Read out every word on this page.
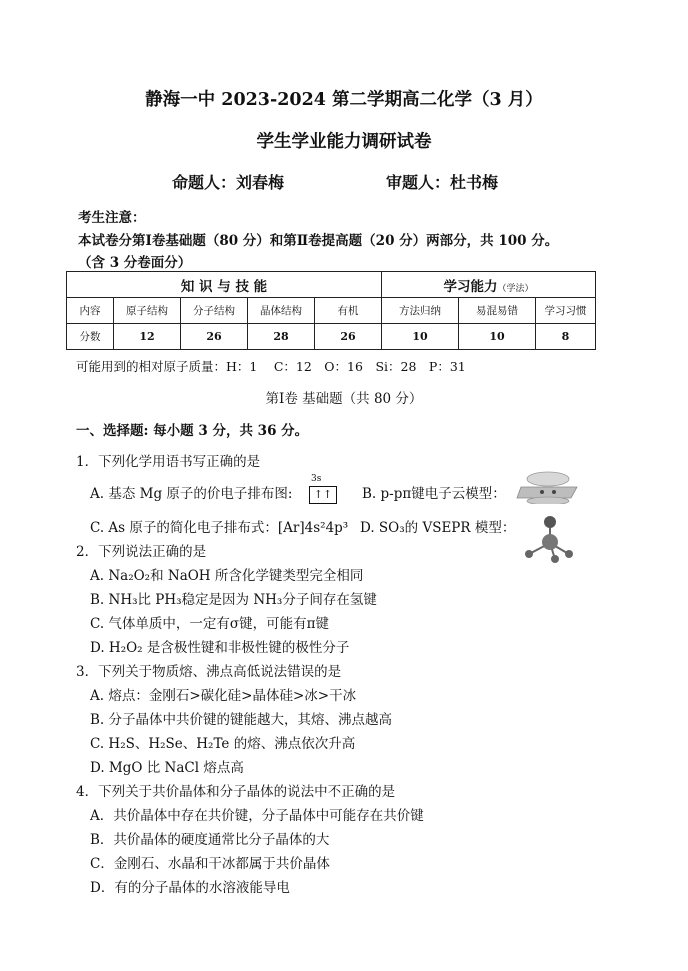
静海一中 2023-2024 第二学期高二化学（3 月）
学生学业能力调研试卷
命题人：刘春梅	审题人：杜书梅
考生注意：
本试卷分第Ⅰ卷基础题（80 分）和第Ⅱ卷提高题（20 分）两部分，共 100 分。
（含 3 分卷面分）
知 识 与 技 能					学习能力（学法）		
内容	原子结构	分子结构	晶体结构	有机	方法归纳	易混易错	学习习惯
分数	12	26	28	26	10	10	8
可能用到的相对原子质量：H：1　 C：12　O：16　Si：28　P：31
第Ⅰ卷 基础题（共 80 分）
一、选择题: 每小题 3 分，共 36 分。
1．下列化学用语书写正确的是
A. 基态 Mg 原子的价电子排布图:
3s
↑↑	B. p-pπ键电子云模型：
C. As 原子的简化电子排布式：[Ar]4s²4p³ D. SO₃的 VSEPR 模型：
2．下列说法正确的是
A. Na₂O₂和 NaOH 所含化学键类型完全相同
B. NH₃比 PH₃稳定是因为 NH₃分子间存在氢键
C. 气体单质中，一定有σ键，可能有π键
D. H₂O₂ 是含极性键和非极性键的极性分子
3．下列关于物质熔、沸点高低说法错误的是
A. 熔点：金刚石>碳化硅>晶体硅>冰>干冰
B. 分子晶体中共价键的键能越大，其熔、沸点越高
C. H₂S、H₂Se、H₂Te 的熔、沸点依次升高
D. MgO 比 NaCl 熔点高
4．下列关于共价晶体和分子晶体的说法中不正确的是
A．共价晶体中存在共价键，分子晶体中可能存在共价键
B．共价晶体的硬度通常比分子晶体的大
C．金刚石、水晶和干冰都属于共价晶体
D．有的分子晶体的水溶液能导电
